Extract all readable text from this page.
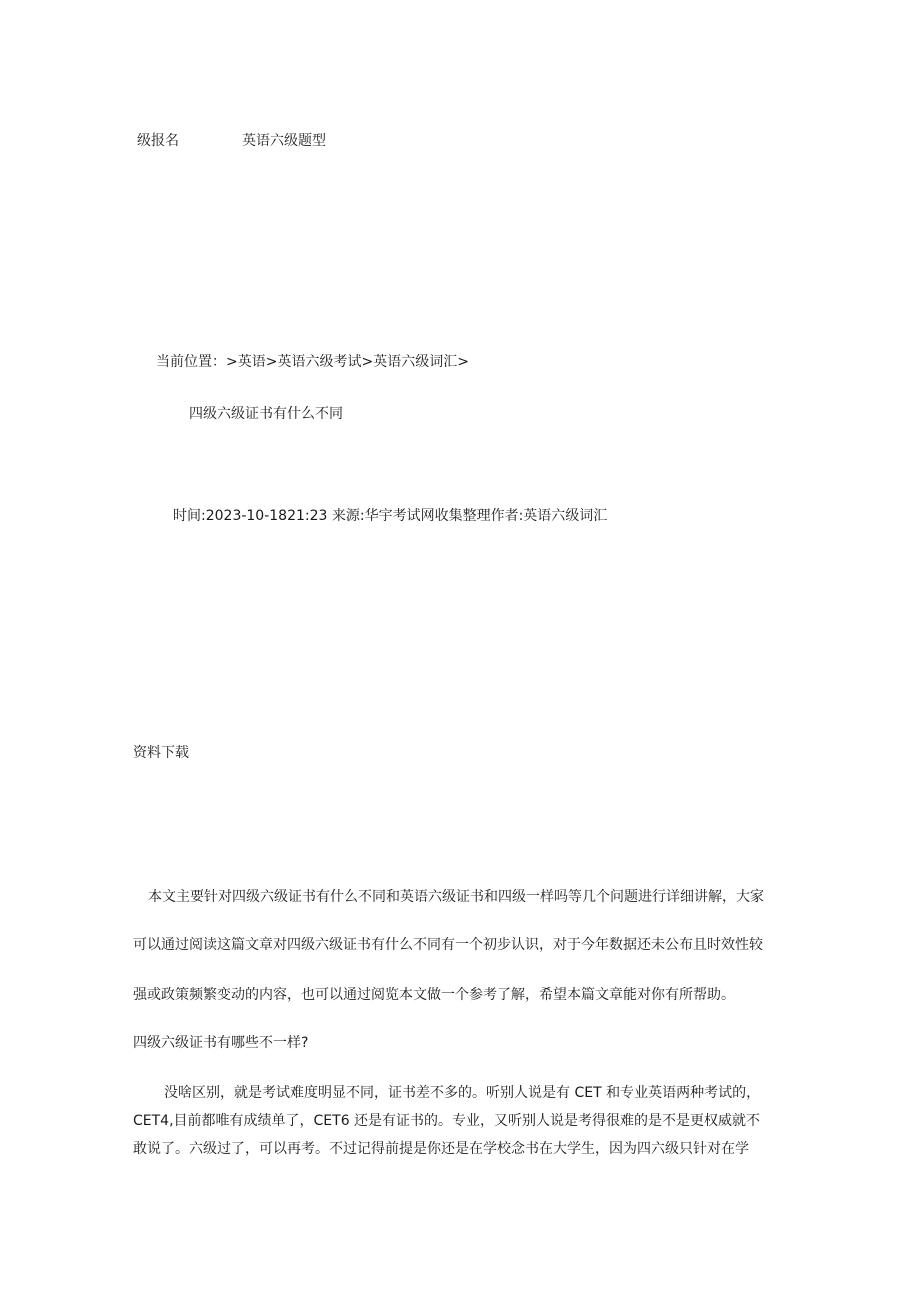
级报名	英语六级题型
当前位置：>英语>英语六级考试>英语六级词汇>
四级六级证书有什么不同
时间:2023-10-1821:23 来源:华宇考试网收集整理作者:英语六级词汇
资料下载
本文主要针对四级六级证书有什么不同和英语六级证书和四级一样吗等几个问题进行详细讲解，大家
可以通过阅读这篇文章对四级六级证书有什么不同有一个初步认识，对于今年数据还未公布且时效性较
强或政策频繁变动的内容，也可以通过阅览本文做一个参考了解，希望本篇文章能对你有所帮助。
四级六级证书有哪些不一样?
没啥区别，就是考试难度明显不同，证书差不多的。听别人说是有 CET 和专业英语两种考试的，
CET4,目前都唯有成绩单了，CET6 还是有证书的。专业，又听别人说是考得很难的是不是更权威就不
敢说了。六级过了，可以再考。不过记得前提是你还是在学校念书在大学生，因为四六级只针对在学
